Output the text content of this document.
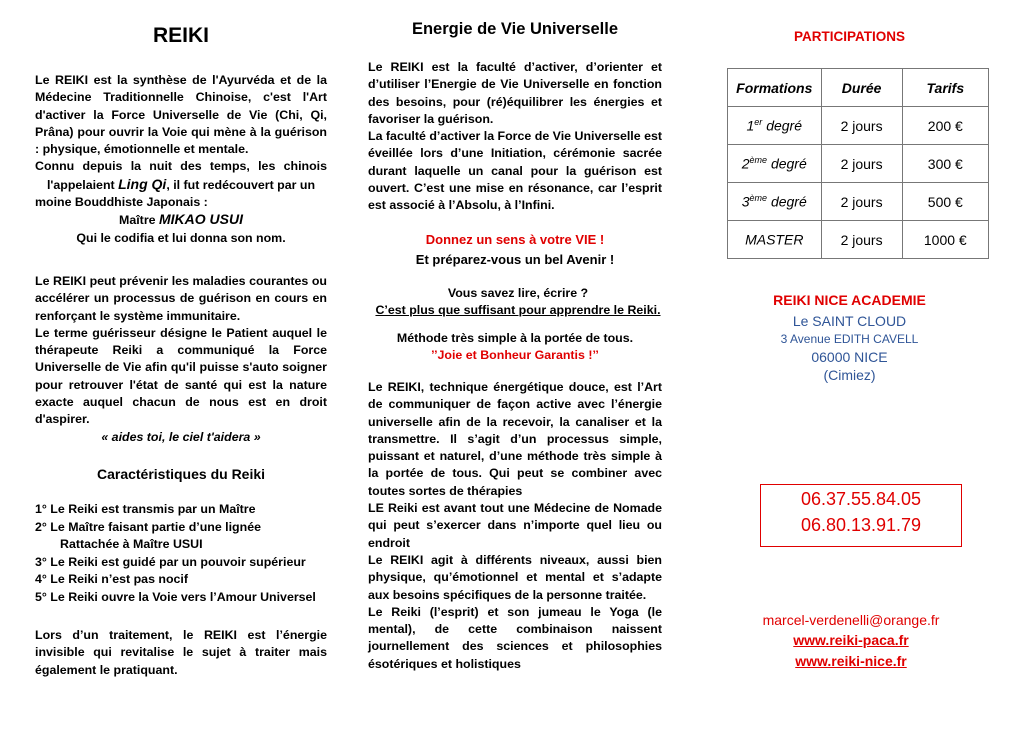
REIKI

Le REIKI est la synthèse de l'Ayurvéda et de la Médecine Traditionnelle Chinoise, c'est l'Art d'activer la Force Universelle de Vie (Chi, Qi, Prâna) pour ouvrir la Voie qui mène à la guérison : physique, émotionnelle et mentale.

Connu depuis la nuit des temps, les chinois

l'appelaient Ling Qi, il fut redécouvert par un

moine Bouddhiste Japonais :

Maître MIKAO USUI

Qui le codifia et lui donna son nom.

Le REIKI peut prévenir les maladies courantes ou accélérer un processus de guérison en cours en renforçant le système immunitaire.

Le terme guérisseur désigne le Patient auquel le thérapeute Reiki a communiqué la Force Universelle de Vie afin qu'il puisse s'auto soigner pour retrouver l'état de santé qui est la nature exacte auquel chacun de nous est en droit d'aspirer.

« aides toi, le ciel t'aidera »

Caractéristiques du Reiki
1° Le Reiki est transmis par un Maître
2° Le Maître faisant partie d’une lignée
Rattachée à Maître USUI
3° Le Reiki est guidé par un pouvoir supérieur
4° Le Reiki n’est pas nocif
5° Le Reiki ouvre la Voie vers l’Amour Universel
Lors d’un traitement, le REIKI est l’énergie invisible qui revitalise le sujet à traiter mais également le pratiquant.
Energie de Vie Universelle

Le REIKI est la faculté d’activer, d’orienter et d’utiliser l’Energie de Vie Universelle en fonction des besoins, pour (ré)équilibrer les énergies et favoriser la guérison.

La faculté d’activer la Force de Vie Universelle est éveillée lors d’une Initiation, cérémonie sacrée durant laquelle un canal pour la guérison est ouvert. C’est une mise en résonance, car l’esprit est associé à l’Absolu, à l’Infini.

Donnez un sens à votre VIE !
Et préparez-vous un bel Avenir !

Vous savez lire, écrire ?

C’est plus que suffisant pour apprendre le Reiki.

Méthode très simple à la portée de tous.

’’Joie et Bonheur Garantis !’’

Le REIKI, technique énergétique douce, est l’Art de communiquer de façon active avec l’énergie universelle afin de la recevoir, la canaliser et la transmettre. Il s’agit d’un processus simple, puissant et naturel, d’une méthode très simple à la portée de tous. Qui peut se combiner avec toutes sortes de thérapies

LE Reiki est avant tout une Médecine de Nomade qui peut s’exercer dans n’importe quel lieu ou endroit

Le REIKI agit à différents niveaux, aussi bien physique, qu’émotionnel et mental et s’adapte aux besoins spécifiques de la personne traitée.

Le Reiki (l’esprit) et son jumeau le Yoga (le mental), de cette combinaison naissent journellement des sciences et philosophies ésotériques et holistiques

PARTICIPATIONS
Formations	Durée	Tarifs
1er degré	2 jours	200 €
2ème degré	2 jours	300 €
3ème degré	2 jours	500 €
MASTER	2 jours	1000 €
REIKI NICE ACADEMIE
Le SAINT CLOUD
3 Avenue EDITH CAVELL
06000 NICE
(Cimiez)
06.37.55.84.05
06.80.13.91.79
marcel-verdenelli@orange.fr
www.reiki-paca.fr
www.reiki-nice.fr
